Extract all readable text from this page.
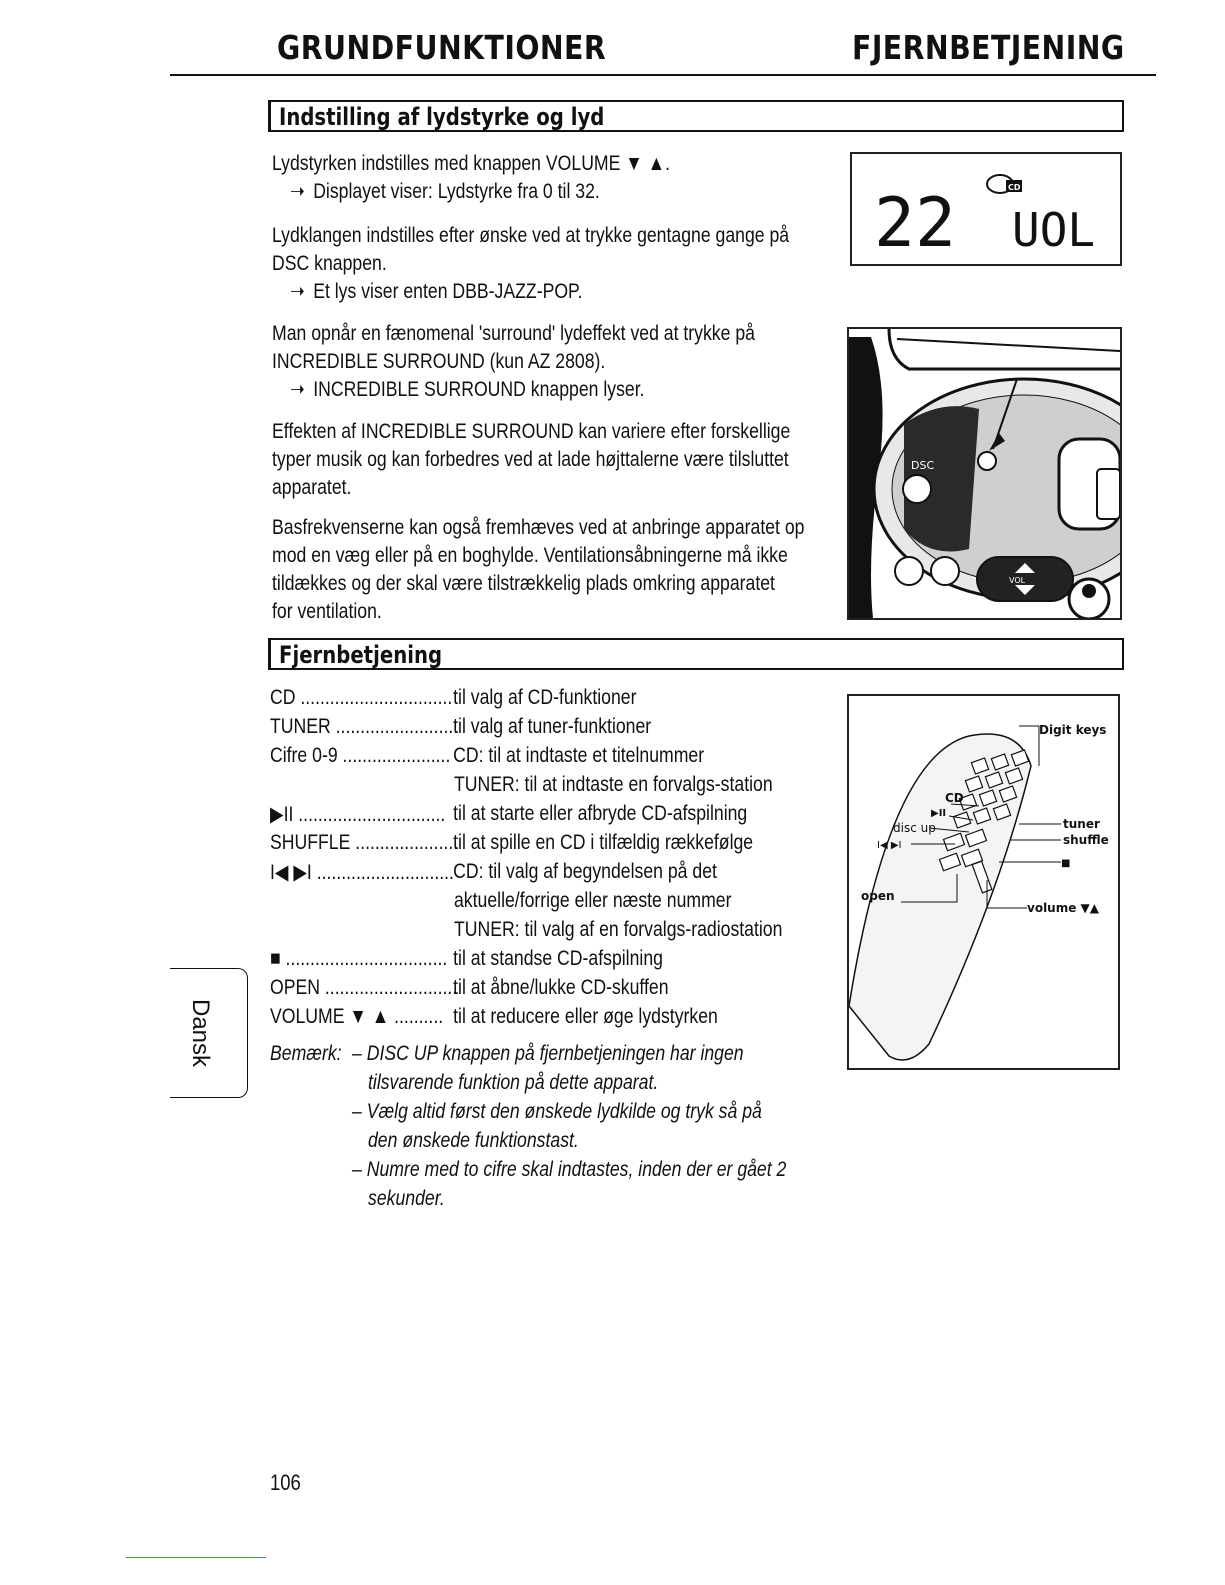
GRUNDFUNKTIONER	FJERNBETJENING
Indstilling af lydstyrke og lyd
Lydstyrken indstilles med knappen VOLUME ▼ ▲.
➝ Displayet viser: Lydstyrke fra 0 til 32.
Lydklangen indstilles efter ønske ved at trykke gentagne gange på
DSC knappen.
➝ Et lys viser enten DBB-JAZZ-POP.
Man opnår en fænomenal 'surround' lydeffekt ved at trykke på
INCREDIBLE SURROUND (kun AZ 2808).
➝ INCREDIBLE SURROUND knappen lyser.
Effekten af INCREDIBLE SURROUND kan variere efter forskellige
typer musik og kan forbedres ved at lade højttalerne være tilsluttet
apparatet.
Basfrekvenserne kan også fremhæves ved at anbringe apparatet op
mod en væg eller på en boghylde. Ventilationsåbningerne må ikke
tildækkes og der skal være tilstrækkelig plads omkring apparatet
for ventilation.
22 UOL
CD
DSC
VOL
Fjernbetjening
CD ............................... til valg af CD-funktioner
TUNER .........................
til valg af tuner-funktioner
Cifre 0-9 ...................... CD: til at indtaste et titelnummer
TUNER: til at indtaste en forvalgs-station
▶II .............................. til at starte eller afbryde CD-afspilning
SHUFFLE .....................
til at spille en CD i tilfældig rækkefølge
I◀ ▶I ............................ CD: til valg af begyndelsen på det
aktuelle/forrige eller næste nummer
TUNER: til valg af en forvalgs-radiostation
■ ................................. til at standse CD-afspilning
OPEN ...........................
til at åbne/lukke CD-skuffen
VOLUME ▼ ▲ .......... til at reducere eller øge lydstyrken
Bemærk: – DISC UP knappen på fjernbetjeningen har ingen
tilsvarende funktion på dette apparat.
– Vælg altid først den ønskede lydkilde og tryk så på
den ønskede funktionstast.
– Numre med to cifre skal indtastes, inden der er gået 2
sekunder.
Digit keys
CD
▶II
disc up
I◀ ▶I
tuner
shuffle
■
open
volume ▼▲
Dansk
106
